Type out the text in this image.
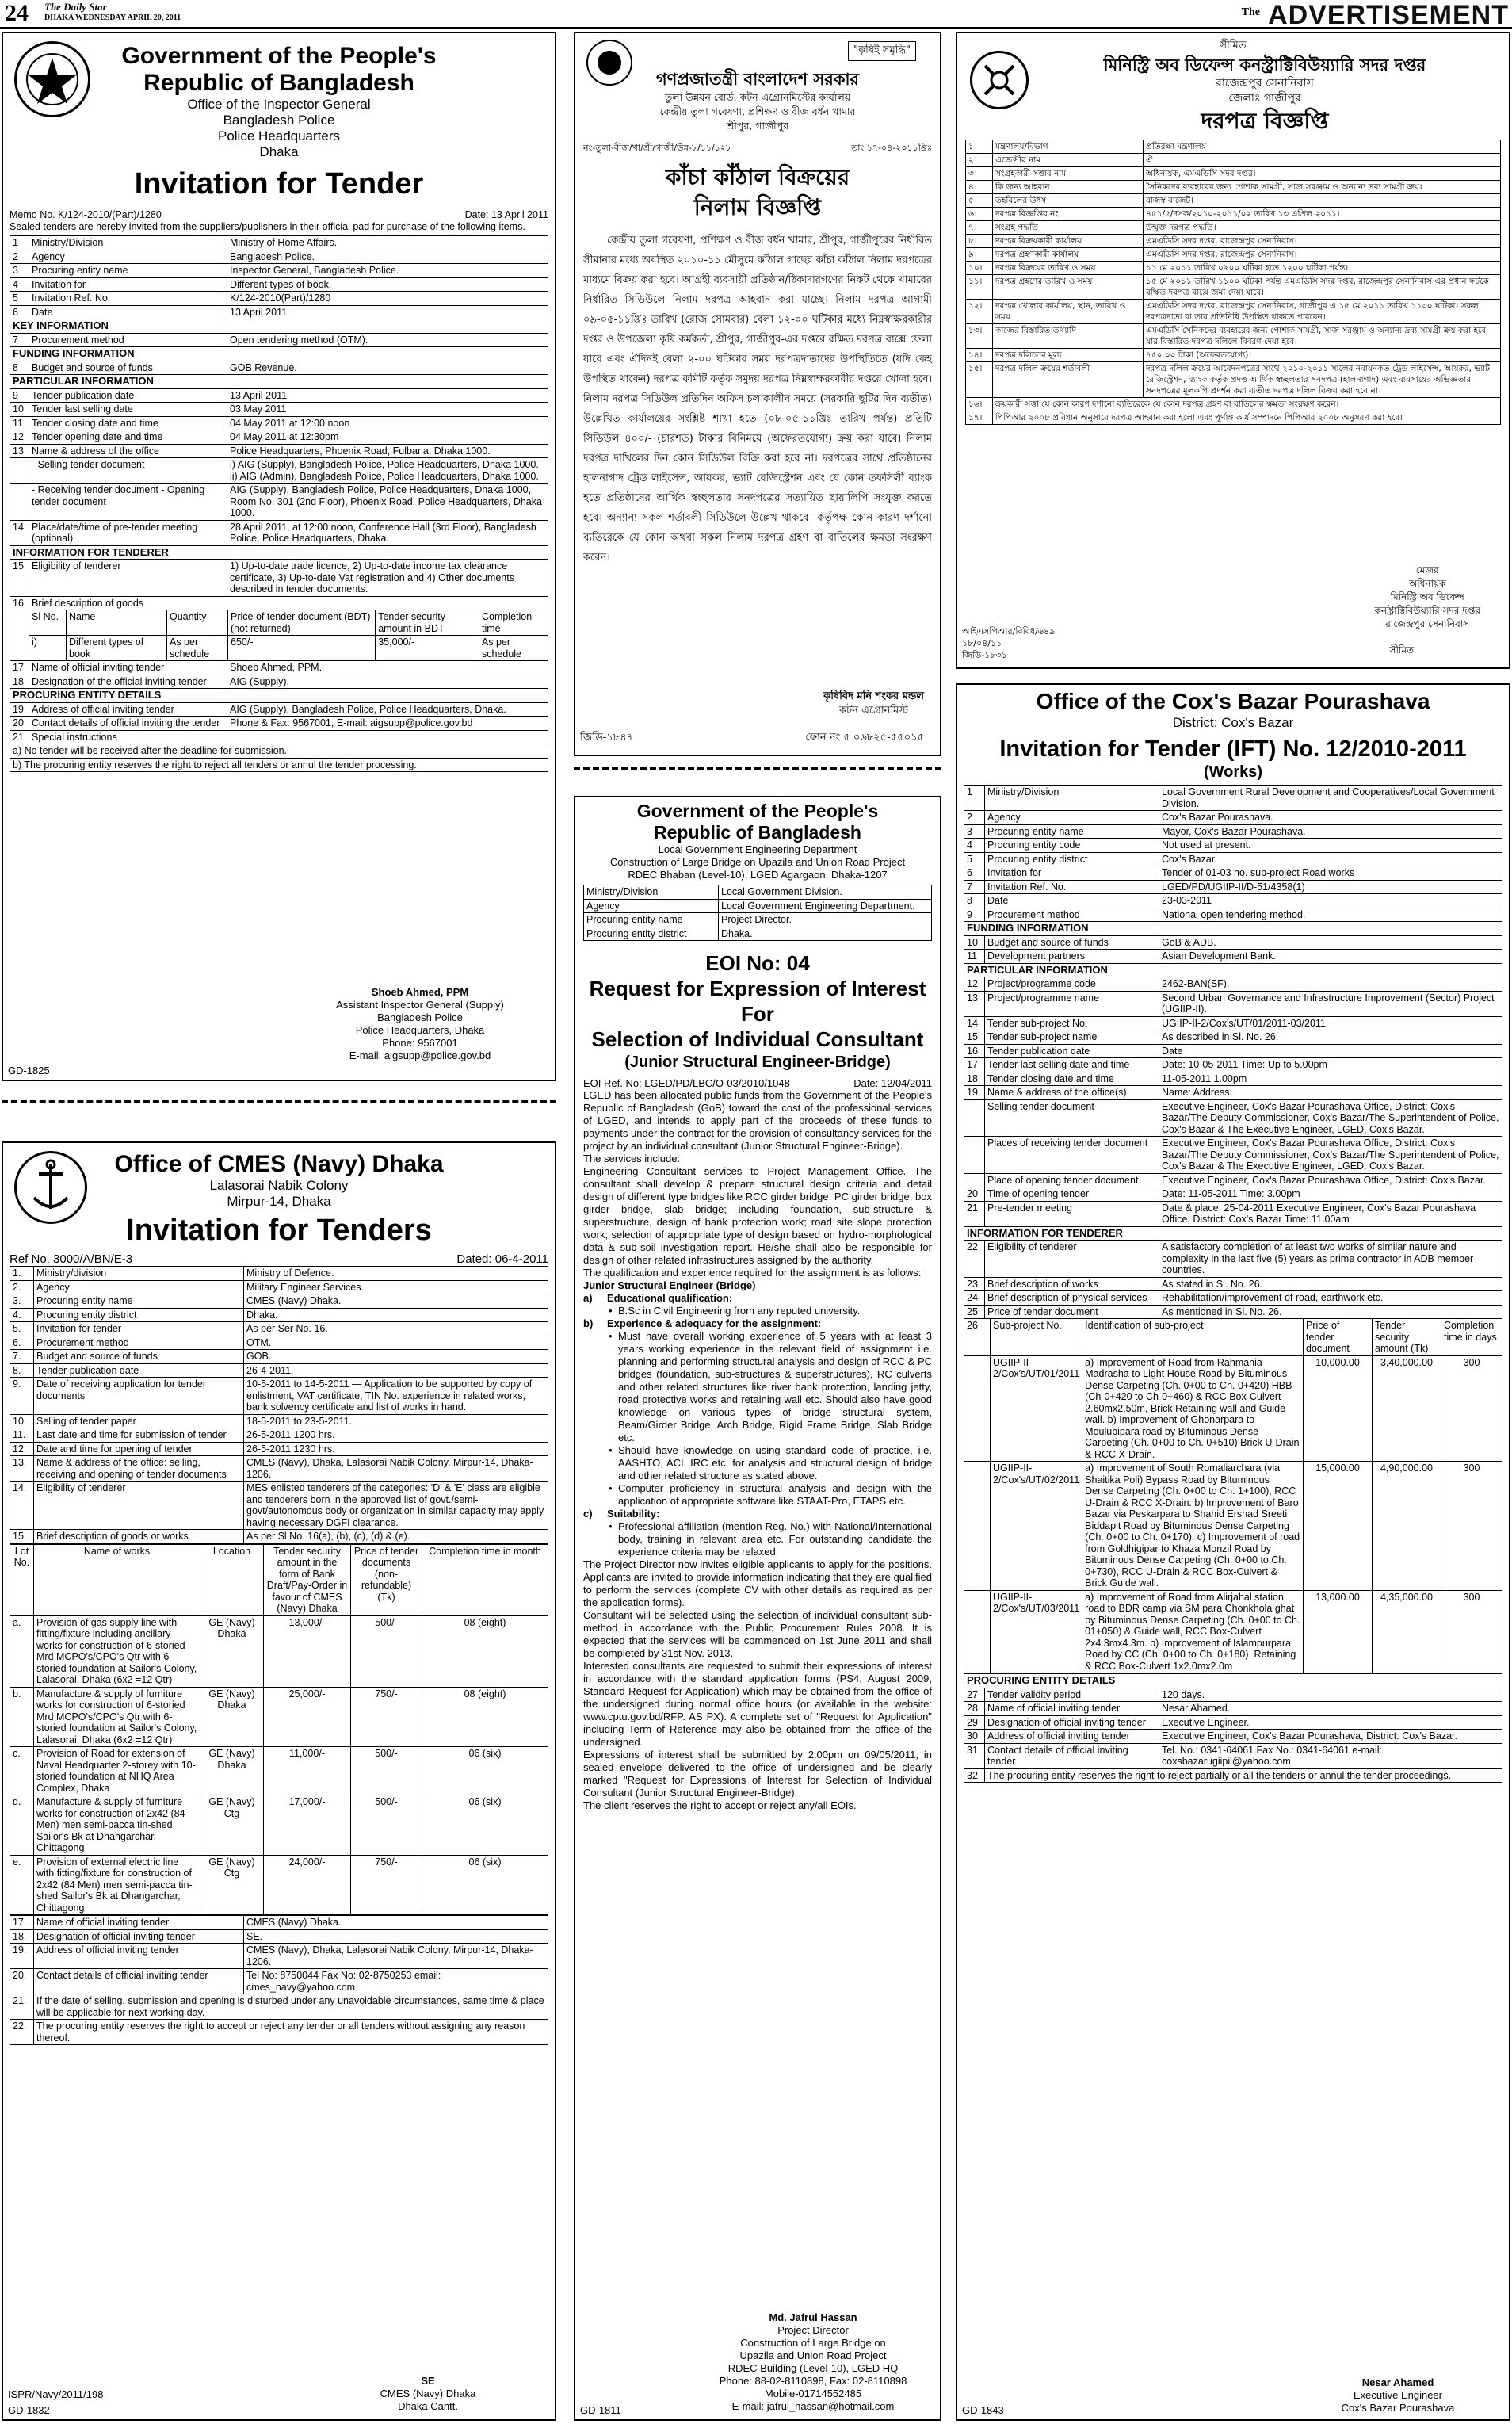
24 The Daily Star
DHAKA WEDNESDAY APRIL 20, 2011	The ADVERTISEMENT
Government of the People's
Republic of Bangladesh
Office of the Inspector General
Bangladesh Police
Police Headquarters
Dhaka
Invitation for Tender
Memo No. K/124-2010/(Part)/1280	Date: 13 April 2011
Sealed tenders are hereby invited from the suppliers/publishers in their official pad for purchase of the following items.
1	Ministry/Division	Ministry of Home Affairs.
2	Agency	Bangladesh Police.
3	Procuring entity name	Inspector General, Bangladesh Police.
4	Invitation for	Different types of book.
5	Invitation Ref. No.	K/124-2010(Part)/1280
6	Date	13 April 2011
KEY INFORMATION
7	Procurement method	Open tendering method (OTM).
FUNDING INFORMATION
8	Budget and source of funds	GOB Revenue.
PARTICULAR INFORMATION
9	Tender publication date	13 April 2011
10	Tender last selling date	03 May 2011
11	Tender closing date and time	04 May 2011 at 12:00 noon
12	Tender opening date and time	04 May 2011 at 12:30pm
13	Name & address of the office	Police Headquarters, Phoenix Road, Fulbaria, Dhaka 1000.
	- Selling tender document	i) AIG (Supply), Bangladesh Police, Police Headquarters, Dhaka 1000. ii) AIG (Admin), Bangladesh Police, Police Headquarters, Dhaka 1000.
	- Receiving tender document - Opening tender document	AIG (Supply), Bangladesh Police, Police Headquarters, Dhaka 1000, Room No. 301 (2nd Floor), Phoenix Road, Police Headquarters, Dhaka 1000.
14	Place/date/time of pre-tender meeting (optional)	28 April 2011, at 12:00 noon, Conference Hall (3rd Floor), Bangladesh Police, Police Headquarters, Dhaka.
INFORMATION FOR TENDERER
15	Eligibility of tenderer	1) Up-to-date trade licence, 2) Up-to-date income tax clearance certificate, 3) Up-to-date Vat registration and 4) Other documents described in tender documents.
16	Brief description of goods

Sl No.	Name	Quantity	Price of tender document (BDT) (not returned)	Tender security amount in BDT	Completion time
i)	Different types of book	As per schedule	650/-	35,000/-	As per schedule

17	Name of official inviting tender	Shoeb Ahmed, PPM.
18	Designation of the official inviting tender	AIG (Supply).
PROCURING ENTITY DETAILS
19	Address of official inviting tender	AIG (Supply), Bangladesh Police, Police Headquarters, Dhaka.
20	Contact details of official inviting the tender	Phone & Fax: 9567001, E-mail: aigsupp@police.gov.bd
21	Special instructions
a) No tender will be received after the deadline for submission.
b) The procuring entity reserves the right to reject all tenders or annul the tender processing.
Shoeb Ahmed, PPM
Assistant Inspector General (Supply)
Bangladesh Police
Police Headquarters, Dhaka
Phone: 9567001
E-mail: aigsupp@police.gov.bd
GD-1825
Office of CMES (Navy) Dhaka
Lalasorai Nabik Colony
Mirpur-14, Dhaka
Invitation for Tenders
Ref No. 3000/A/BN/E-3	Dated: 06-4-2011
1.	Ministry/division	Ministry of Defence.
2.	Agency	Military Engineer Services.
3.	Procuring entity name	CMES (Navy) Dhaka.
4.	Procuring entity district	Dhaka.
5.	Invitation for tender	As per Ser No. 16.
6.	Procurement method	OTM.
7.	Budget and source of funds	GOB.
8.	Tender publication date	26-4-2011.
9.	Date of receiving application for tender documents	10-5-2011 to 14-5-2011 — Application to be supported by copy of enlistment, VAT certificate, TIN No. experience in related works, bank solvency certificate and list of works in hand.
10.	Selling of tender paper	18-5-2011 to 23-5-2011.
11.	Last date and time for submission of tender	26-5-2011 1200 hrs.
12.	Date and time for opening of tender	26-5-2011 1230 hrs.
13.	Name & address of the office: selling, receiving and opening of tender documents	CMES (Navy), Dhaka, Lalasorai Nabik Colony, Mirpur-14, Dhaka-1206.
14.	Eligibility of tenderer	MES enlisted tenderers of the categories: 'D' & 'E' class are eligible and tenderers born in the approved list of govt./semi-govt/autonomous body or organization in similar capacity may apply having necessary DGFI clearance.
15.	Brief description of goods or works	As per Sl No. 16(a), (b), (c), (d) & (e).
Lot No.	Name of works	Location	Tender security amount in the form of Bank Draft/Pay-Order in favour of CMES (Navy) Dhaka	Price of tender documents (non-refundable) (Tk)	Completion time in month
a.	Provision of gas supply line with fitting/fixture including ancillary works for construction of 6-storied Mrd MCPO's/CPO's Qtr with 6-storied foundation at Sailor's Colony, Lalasorai, Dhaka (6x2 =12 Qtr)	GE (Navy) Dhaka	13,000/-	500/-	08 (eight)
b.	Manufacture & supply of furniture works for construction of 6-storied Mrd MCPO's/CPO's Qtr with 6-storied foundation at Sailor's Colony, Lalasorai, Dhaka (6x2 =12 Qtr)	GE (Navy) Dhaka	25,000/-	750/-	08 (eight)
c.	Provision of Road for extension of Naval Headquarter 2-storey with 10-storied foundation at NHQ Area Complex, Dhaka	GE (Navy) Dhaka	11,000/-	500/-	06 (six)
d.	Manufacture & supply of furniture works for construction of 2x42 (84 Men) men semi-pacca tin-shed Sailor's Bk at Dhangarchar, Chittagong	GE (Navy) Ctg	17,000/-	500/-	06 (six)
e.	Provision of external electric line with fitting/fixture for construction of 2x42 (84 Men) men semi-pacca tin-shed Sailor's Bk at Dhangarchar, Chittagong	GE (Navy) Ctg	24,000/-	750/-	06 (six)
17.	Name of official inviting tender	CMES (Navy) Dhaka.
18.	Designation of official inviting tender	SE.
19.	Address of official inviting tender	CMES (Navy), Dhaka, Lalasorai Nabik Colony, Mirpur-14, Dhaka-1206.
20.	Contact details of official inviting tender	Tel No: 8750044 Fax No: 02-8750253 email: cmes_navy@yahoo.com
21.	If the date of selling, submission and opening is disturbed under any unavoidable circumstances, same time & place will be applicable for next working day.	
22.	The procuring entity reserves the right to accept or reject any tender or all tenders without assigning any reason thereof.	
SE
CMES (Navy) Dhaka
Dhaka Cantt.
ISPR/Navy/2011/198
GD-1832
"কৃষিই সমৃদ্ধি"
গণপ্রজাতন্ত্রী বাংলাদেশ সরকার
তুলা উন্নয়ন বোর্ড, কটন এগ্রোনমিস্টের কার্যালয়
কেন্দ্রীয় তুলা গবেষণা, প্রশিক্ষণ ও বীজ বর্ধন খামার
শ্রীপুর, গাজীপুর
নং-তুলা-বীজ/খা/শ্রী/গাজী/উন্ন-৮/১১/১২৮	তাং ১৭-০৪-২০১১খ্রিঃ
কাঁচা কাঁঠাল বিক্রয়ের
নিলাম বিজ্ঞপ্তি
কেন্দ্রীয় তুলা গবেষণা, প্রশিক্ষণ ও বীজ বর্ধন খামার, শ্রীপুর, গাজীপুরের নির্ধারিত সীমানার মধ্যে অবস্থিত ২০১০-১১ মৌসুমে কাঁঠাল গাছের কাঁচা কাঁঠাল নিলাম দরপত্রের মাধ্যমে বিক্রয় করা হবে। আগ্রহী ব্যবসায়ী প্রতিষ্ঠান/ঠিকাদারগণের নিকট থেকে খামারের নির্ধারিত সিডিউলে নিলাম দরপত্র আহবান করা যাচ্ছে। নিলাম দরপত্র আগামী ০৯-০৫-১১খ্রিঃ তারিখ (রোজ সোমবার) বেলা ১২-০০ ঘটিকার মধ্যে নিম্নস্বাক্ষরকারীর দপ্তর ও উপজেলা কৃষি কর্মকর্তা, শ্রীপুর, গাজীপুর-এর দপ্তরে রক্ষিত দরপত্র বাক্সে ফেলা যাবে এবং ঐদিনই বেলা ২-০০ ঘটিকার সময় দরপত্রদাতাদের উপস্থিতিতে (যদি কেহ উপস্থিত থাকেন) দরপত্র কমিটি কর্তৃক সমুদয় দরপত্র নিম্নস্বাক্ষরকারীর দপ্তরে খোলা হবে। নিলাম দরপত্র সিডিউল প্রতিদিন অফিস চলাকালীন সময়ে (সরকারি ছুটির দিন ব্যতীত) উল্লেখিত কার্যালয়ের সংশ্লিষ্ট শাখা হতে (০৮-০৫-১১খ্রিঃ তারিখ পর্যন্ত) প্রতিটি সিডিউল ৪০০/- (চারশত) টাকার বিনিময়ে (অফেরতযোগ্য) ক্রয় করা যাবে। নিলাম দরপত্র দাখিলের দিন কোন সিডিউল বিক্রি করা হবে না। দরপত্রের সাথে প্রতিষ্ঠানের হালনাগাদ ট্রেড লাইসেন্স, আয়কর, ভ্যাট রেজিস্ট্রেশন এবং যে কোন তফসিলী ব্যাংক হতে প্রতিষ্ঠানের আর্থিক স্বচ্ছলতার সনদপত্রের সত্যায়িত ছায়ালিপি সংযুক্ত করতে হবে। অন্যান্য সকল শর্তাবলী সিডিউলে উল্লেখ থাকবে। কর্তৃপক্ষ কোন কারণ দর্শানো ব্যতিরেকে যে কোন অথবা সকল নিলাম দরপত্র গ্রহণ বা বাতিলের ক্ষমতা সংরক্ষণ করেন।
কৃষিবিদ মনি শংকর মন্ডল
কটন এগ্রোনমিস্ট
জিডি-১৮৪৭	ফোন নং ৫ ০৬৮২৫-৫৫০১৫
Government of the People's
Republic of Bangladesh
Local Government Engineering Department
Construction of Large Bridge on Upazila and Union Road Project
RDEC Bhaban (Level-10), LGED Agargaon, Dhaka-1207
Ministry/Division	Local Government Division.
Agency	Local Government Engineering Department.
Procuring entity name	Project Director.
Procuring entity district	Dhaka.
EOI No: 04
Request for Expression of Interest
For
Selection of Individual Consultant
(Junior Structural Engineer-Bridge)
EOI Ref. No: LGED/PD/LBC/O-03/2010/1048	Date: 12/04/2011
LGED has been allocated public funds from the Government of the People's Republic of Bangladesh (GoB) toward the cost of the professional services of LGED, and intends to apply part of the proceeds of these funds to payments under the contract for the provision of consultancy services for the project by an individual consultant (Junior Structural Engineer-Bridge).
The services include:
Engineering Consultant services to Project Management Office. The consultant shall develop & prepare structural design criteria and detail design of different type bridges like RCC girder bridge, PC girder bridge, box girder bridge, slab bridge; including foundation, sub-structure & superstructure, design of bank protection work; road site slope protection work; selection of appropriate type of design based on hydro-morphological data & sub-soil investigation report. He/she shall also be responsible for design of other related infrastructures assigned by the authority.
The qualification and experience required for the assignment is as follows:
Junior Structural Engineer (Bridge)
a)	Educational qualification:
• B.Sc in Civil Engineering from any reputed university.
b)	Experience & adequacy for the assignment:
• Must have overall working experience of 5 years with at least 3 years working experience in the relevant field of assignment i.e. planning and performing structural analysis and design of RCC & PC bridges (foundation, sub-structures & superstructures), RC culverts and other related structures like river bank protection, landing jetty, road protective works and retaining wall etc. Should also have good knowledge on various types of bridge structural system, Beam/Girder Bridge, Arch Bridge, Rigid Frame Bridge, Slab Bridge etc.
• Should have knowledge on using standard code of practice, i.e. AASHTO, ACI, IRC etc. for analysis and structural design of bridge and other related structure as stated above.
• Computer proficiency in structural analysis and design with the application of appropriate software like STAAT-Pro, ETAPS etc.
c)	Suitability:
• Professional affiliation (mention Reg. No.) with National/International body, training in relevant area etc. For outstanding candidate the experience criteria may be relaxed.
The Project Director now invites eligible applicants to apply for the positions. Applicants are invited to provide information indicating that they are qualified to perform the services (complete CV with other details as required as per the application forms).
Consultant will be selected using the selection of individual consultant sub-method in accordance with the Public Procurement Rules 2008. It is expected that the services will be commenced on 1st June 2011 and shall be completed by 31st Nov. 2013.
Interested consultants are requested to submit their expressions of interest in accordance with the standard application forms (PS4, August 2009, Standard Request for Application) which may be obtained from the office of the undersigned during normal office hours (or available in the website: www.cptu.gov.bd/RFP. AS PX). A complete set of "Request for Application" including Term of Reference may also be obtained from the office of the undersigned.
Expressions of interest shall be submitted by 2.00pm on 09/05/2011, in sealed envelope delivered to the office of undersigned and be clearly marked "Request for Expressions of Interest for Selection of Individual Consultant (Junior Structural Engineer-Bridge).
The client reserves the right to accept or reject any/all EOIs.
Md. Jafrul Hassan
Project Director
Construction of Large Bridge on
Upazila and Union Road Project
RDEC Building (Level-10), LGED HQ
Phone: 88-02-8110898, Fax: 02-8110898
Mobile-01714552485
E-mail: jafrul_hassan@hotmail.com
GD-1811
সীমিত
মিনিস্ট্রি অব ডিফেন্স কনস্ট্রাক্টিবিউয়্যারি সদর দপ্তর
রাজেন্দ্রপুর সেনানিবাস
জেলাঃ গাজীপুর
দরপত্র বিজ্ঞপ্তি
১।	মন্ত্রণালয়/বিভাগ	প্রতিরক্ষা মন্ত্রণালয়।
২।	এজেন্সীর নাম	ঐ
৩।	সংগ্রহকারী সত্তার নাম	অধিনায়ক, এমএডিসি সদর দপ্তর।
৪।	কি জন্য আহবান	সৈনিকদের ব্যবহারের জন্য পোশাক সামগ্রী, সাজ সরঞ্জাম ও অন্যান্য দ্রব্য সামগ্রী ক্রয়।
৫।	তহবিলের উৎস	রাজস্ব বাজেট।
৬।	দরপত্র বিজ্ঞপ্তির নং	৪৫১/৫/দসক/২০১০-২০১১/০২ তারিখ ১৩ এপ্রিল ২০১১।
৭।	সংগ্রহ পদ্ধতি	উন্মুক্ত দরপত্র পদ্ধতি।
৮।	দরপত্র বিক্রয়কারী কার্যালয়	এমএডিসি সদর দপ্তর, রাজেন্দ্রপুর সেনানিবাস।
৯।	দরপত্র গ্রহণকারী কার্যালয়	এমএডিসি সদর দপ্তর, রাজেন্দ্রপুর সেনানিবাস।
১০।	দরপত্র বিক্রয়ের তারিখ ও সময়	১১ মে ২০১১ তারিখ ০৯০০ ঘটিকা হতে ১২০০ ঘটিকা পর্যন্ত।
১১।	দরপত্র গ্রহণের তারিখ ও সময়	১৫ মে ২০১১ তারিখ ১১০০ ঘটিকা পর্যন্ত এমএডিসি সদর দপ্তর, রাজেন্দ্রপুর সেনানিবাস এর প্রধান ফটকে রক্ষিত দরপত্র বাক্সে জমা দেয়া যাবে।
১২।	দরপত্র খোলার কার্যালয়, স্থান, তারিখ ও সময়	এমএডিসি সদর দপ্তর, রাজেন্দ্রপুর সেনানিবাস, গাজীপুর এ ১৫ মে ২০১১ তারিখ ১১৩০ ঘটিকা। সকল দরপত্রদাতা বা তার প্রতিনিধি উপস্থিত থাকতে পারবেন।
১৩।	কাজের বিস্তারিত তথ্যাদি	এমএডিসি সৈনিকদের ব্যবহারের জন্য পোশাক সামগ্রী, সাজ সরঞ্জাম ও অন্যান্য দ্রব্য সামগ্রী ক্রয় করা হবে যার বিস্তারিত দরপত্র দলিলে বিবরণ দেয়া হবে।
১৪।	দরপত্র দলিলের মূল্য	৭৫০.০০ টাকা (অফেরতযোগ্য)।
১৫।	দরপত্র দলিল ক্রয়ের শর্তাবলী	দরপত্র দলিল ক্রয়ের আবেদনপত্রের সাথে ২০১০-২০১১ সালের নবায়নকৃত ট্রেড লাইসেন্স, আয়কর, ভ্যাট রেজিস্ট্রেশন, ব্যাংক কর্তৃক প্রদত্ত আর্থিক স্বচ্ছলতার সনদপত্র (হালনাগাদ) এবং ব্যবসায়ের অভিজ্ঞতার সনদপত্রের মূলকপি প্রদর্শন করা ব্যতীত দরপত্র দলিল বিক্রয় করা হবে না।
১৬।	ক্রয়কারী সত্তা যে কোন কারণ দর্শানো ব্যতিরেকে যে কোন দরপত্র গ্রহণ বা বাতিলের ক্ষমতা সংরক্ষণ করেন।	
১৭।	পিপিআর ২০০৮ প্রবিধান অনুসারে দরপত্র আহবান করা হলো এবং পূর্ণাঙ্গ কার্য সম্পাদনে পিপিআর ২০০৮ অনুসরণ করা হবে।	
মেজর
অধিনায়ক
মিনিস্ট্রি অব ডিফেন্স
কনস্ট্রাক্টিবিউয়্যারি সদর দপ্তর
রাজেন্দ্রপুর সেনানিবাস
আইএসপিআর/বিবিধ/৬৪৯
১৮/০৪/১১
জিডি-১৮৩১	সীমিত
Office of the Cox's Bazar Pourashava
District: Cox's Bazar
Invitation for Tender (IFT) No. 12/2010-2011
(Works)
1	Ministry/Division	Local Government Rural Development and Cooperatives/Local Government Division.
2	Agency	Cox's Bazar Pourashava.
3	Procuring entity name	Mayor, Cox's Bazar Pourashava.
4	Procuring entity code	Not used at present.
5	Procuring entity district	Cox's Bazar.
6	Invitation for	Tender of 01-03 no. sub-project Road works
7	Invitation Ref. No.	LGED/PD/UGIIP-II/D-51/4358(1)
8	Date	23-03-2011
9	Procurement method	National open tendering method.
FUNDING INFORMATION
10	Budget and source of funds	GoB & ADB.
11	Development partners	Asian Development Bank.
PARTICULAR INFORMATION
12	Project/programme code	2462-BAN(SF).
13	Project/programme name	Second Urban Governance and Infrastructure Improvement (Sector) Project (UGIIP-II).
14	Tender sub-project No.	UGIIP-II-2/Cox's/UT/01/2011-03/2011
15	Tender sub-project name	As described in Sl. No. 26.
16	Tender publication date	Date
17	Tender last selling date and time	Date: 10-05-2011 Time: Up to 5.00pm
18	Tender closing date and time	11-05-2011 1.00pm
19	Name & address of the office(s)	Name: Address:
	Selling tender document	Executive Engineer, Cox's Bazar Pourashava Office, District: Cox's Bazar/The Deputy Commissioner, Cox's Bazar/The Superintendent of Police, Cox's Bazar & The Executive Engineer, LGED, Cox's Bazar.
	Places of receiving tender document	Executive Engineer, Cox's Bazar Pourashava Office, District: Cox's Bazar/The Deputy Commissioner, Cox's Bazar/The Superintendent of Police, Cox's Bazar & The Executive Engineer, LGED, Cox's Bazar.
	Place of opening tender document	Executive Engineer, Cox's Bazar Pourashava Office, District: Cox's Bazar.
20	Time of opening tender	Date: 11-05-2011 Time: 3.00pm
21	Pre-tender meeting	Date & place: 25-04-2011 Executive Engineer, Cox's Bazar Pourashava Office, District: Cox's Bazar Time: 11.00am
INFORMATION FOR TENDERER
22	Eligibility of tenderer	A satisfactory completion of at least two works of similar nature and complexity in the last five (5) years as prime contractor in ADB member countries.
23	Brief description of works	As stated in Sl. No. 26.
24	Brief description of physical services	Rehabilitation/improvement of road, earthwork etc.
25	Price of tender document	As mentioned in Sl. No. 26.

26	Sub-project No.	Identification of sub-project	Price of tender document	Tender security amount (Tk)	Completion time in days
	UGIIP-II-2/Cox's/UT/01/2011	a) Improvement of Road from Rahmania Madrasha to Light House Road by Bituminous Dense Carpeting (Ch. 0+00 to Ch. 0+420) HBB (Ch-0+420 to Ch-0+460) & RCC Box-Culvert 2.60mx2.50m, Brick Retaining wall and Guide wall. b) Improvement of Ghonarpara to Moulubipara road by Bituminous Dense Carpeting (Ch. 0+00 to Ch. 0+510) Brick U-Drain & RCC X-Drain.	10,000.00	3,40,000.00	300
	UGIIP-II-2/Cox's/UT/02/2011	a) Improvement of South Romaliarchara (via Shaitika Poli) Bypass Road by Bituminous Dense Carpeting (Ch. 0+00 to Ch. 1+100), RCC U-Drain & RCC X-Drain. b) Improvement of Baro Bazar via Peskarpara to Shahid Ershad Sreeti Biddapit Road by Bituminous Dense Carpeting (Ch. 0+00 to Ch. 0+170). c) Improvement of road from Goldhigipar to Khaza Monzil Road by Bituminous Dense Carpeting (Ch. 0+00 to Ch. 0+730), RCC U-Drain & RCC Box-Culvert & Brick Guide wall.	15,000.00	4,90,000.00	300
	UGIIP-II-2/Cox's/UT/03/2011	a) Improvement of Road from Alirjahal station road to BDR camp via SM para Chonkhola ghat by Bituminous Dense Carpeting (Ch. 0+00 to Ch. 01+050) & Guide wall, RCC Box-Culvert 2x4.3mx4.3m. b) Improvement of Islampurpara Road by CC (Ch. 0+00 to Ch. 0+180), Retaining & RCC Box-Culvert 1x2.0mx2.0m	13,000.00	4,35,000.00	300

PROCURING ENTITY DETAILS
27	Tender validity period	120 days.
28	Name of official inviting tender	Nesar Ahamed.
29	Designation of official inviting tender	Executive Engineer.
30	Address of official inviting tender	Executive Engineer, Cox's Bazar Pourashava, District: Cox's Bazar.
31	Contact details of official inviting tender	Tel. No.: 0341-64061 Fax No.: 0341-64061 e-mail: coxsbazarugiipii@yahoo.com
32	The procuring entity reserves the right to reject partially or all the tenders or annul the tender proceedings.
Nesar Ahamed
Executive Engineer
Cox's Bazar Pourashava
GD-1843
